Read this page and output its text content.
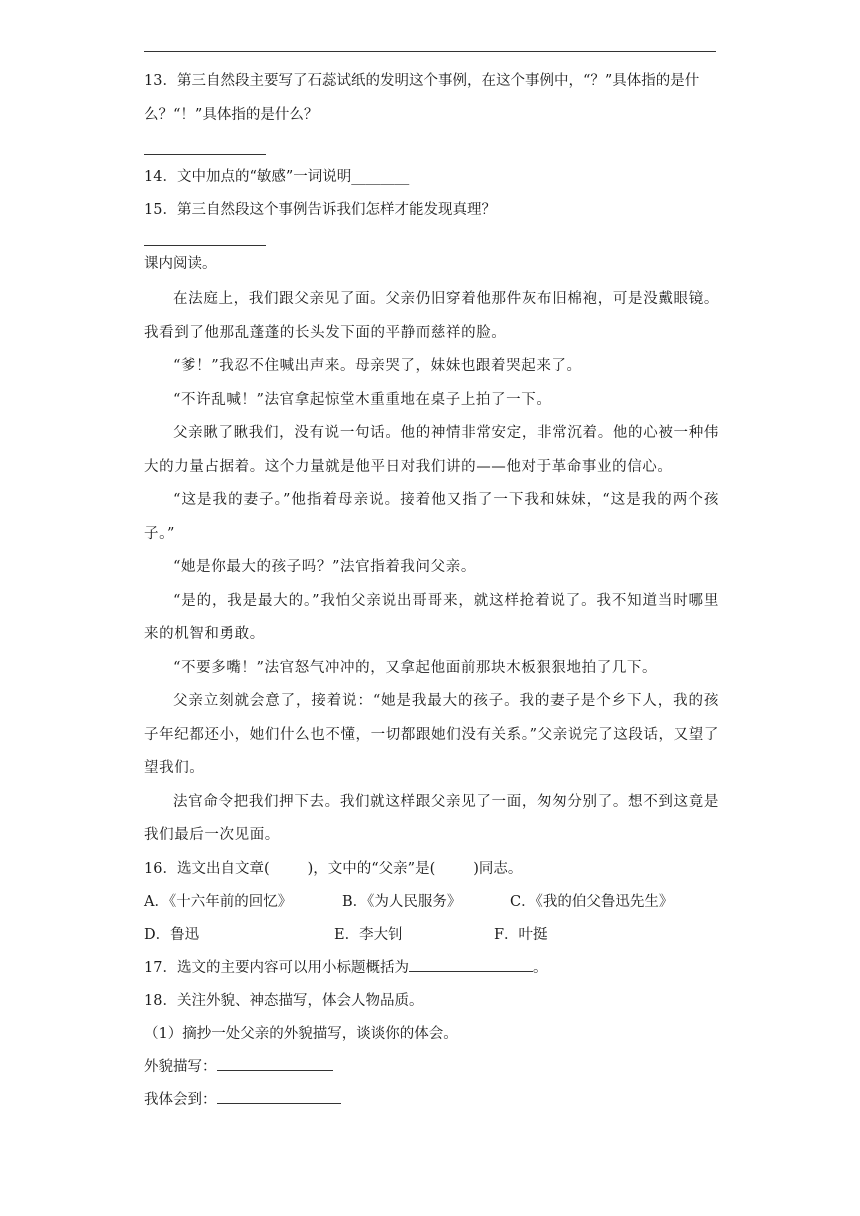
13．第三自然段主要写了石蕊试纸的发明这个事例，在这个事例中，“？”具体指的是什
么？“！”具体指的是什么？

14．文中加点的“敏感”一词说明________

15．第三自然段这个事例告诉我们怎样才能发现真理？

课内阅读。

在法庭上，我们跟父亲见了面。父亲仍旧穿着他那件灰布旧棉袍，可是没戴眼镜。我看到了他那乱蓬蓬的长头发下面的平静而慈祥的脸。

“爹！”我忍不住喊出声来。母亲哭了，妹妹也跟着哭起来了。

“不许乱喊！”法官拿起惊堂木重重地在桌子上拍了一下。

父亲瞅了瞅我们，没有说一句话。他的神情非常安定，非常沉着。他的心被一种伟大的力量占据着。这个力量就是他平日对我们讲的——他对于革命事业的信心。

“这是我的妻子。”他指着母亲说。接着他又指了一下我和妹妹，“这是我的两个孩子。”

“她是你最大的孩子吗？”法官指着我问父亲。

“是的，我是最大的。”我怕父亲说出哥哥来，就这样抢着说了。我不知道当时哪里来的机智和勇敢。

“不要多嘴！”法官怒气冲冲的，又拿起他面前那块木板狠狠地拍了几下。

父亲立刻就会意了，接着说：“她是我最大的孩子。我的妻子是个乡下人，我的孩子年纪都还小，她们什么也不懂，一切都跟她们没有关系。”父亲说完了这段话，又望了望我们。

法官命令把我们押下去。我们就这样跟父亲见了一面，匆匆分别了。想不到这竟是我们最后一次见面。

16．选文出自文章(	)，文中的“父亲”是(	)同志。

A．《十六年前的回忆》	B．《为人民服务》	C．《我的伯父鲁迅先生》
D．鲁迅	E．李大钊	F．叶挺

17．选文的主要内容可以用小标题概括为	。

18．关注外貌、神态描写，体会人物品质。

（1）摘抄一处父亲的外貌描写，谈谈你的体会。

外貌描写：

我体会到：
